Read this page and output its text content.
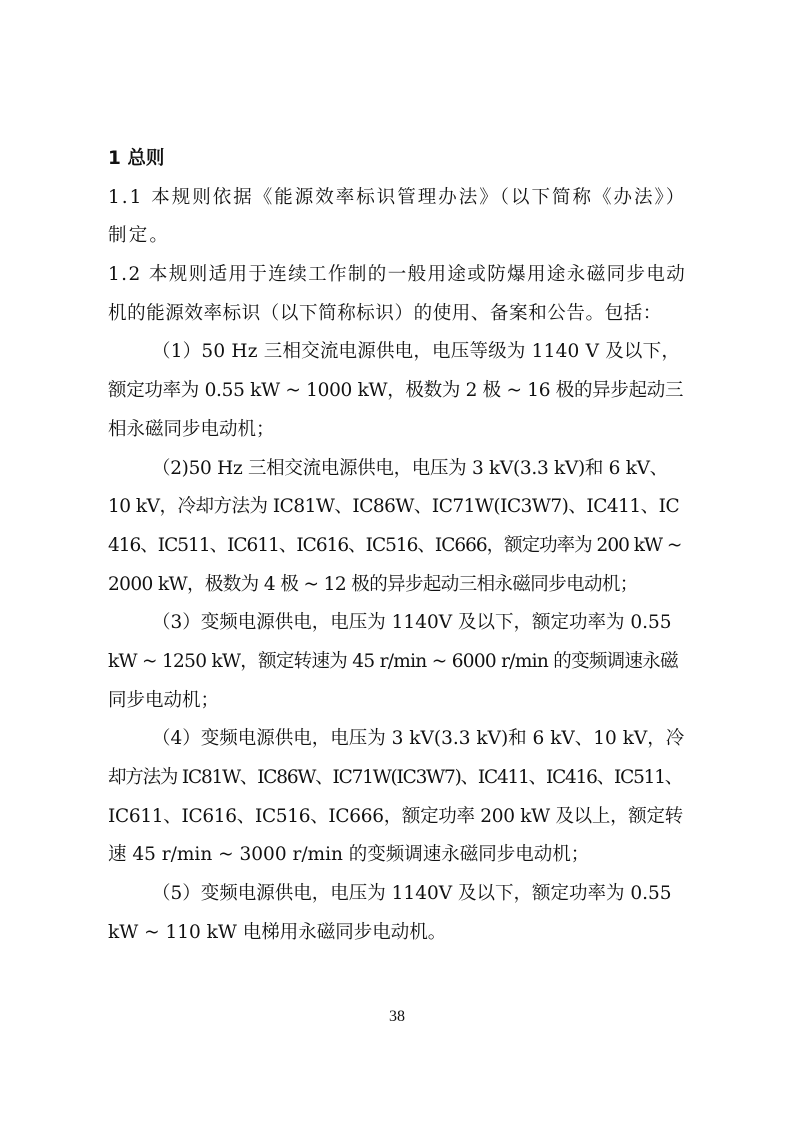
1 总则
1.1 本规则依据《能源效率标识管理办法》（以下简称《办法》）
制定。
1.2 本规则适用于连续工作制的一般用途或防爆用途永磁同步电动
机的能源效率标识（以下简称标识）的使用、备案和公告。包括：
（1）50 Hz 三相交流电源供电，电压等级为 1140 V 及以下，
额定功率为 0.55 kW ~ 1000 kW，极数为 2 极 ~ 16 极的异步起动三
相永磁同步电动机；
（2)50 Hz 三相交流电源供电，电压为 3 kV(3.3 kV)和 6 kV、
10 kV，冷却方法为 IC81W、IC86W、IC71W(IC3W7)、IC411、IC
416、IC511、IC611、IC616、IC516、IC666，额定功率为 200 kW ~
2000 kW，极数为 4 极 ~ 12 极的异步起动三相永磁同步电动机；
（3）变频电源供电，电压为 1140V 及以下，额定功率为 0.55
kW ~ 1250 kW，额定转速为 45 r/min ~ 6000 r/min 的变频调速永磁
同步电动机；
（4）变频电源供电，电压为 3 kV(3.3 kV)和 6 kV、10 kV，冷
却方法为 IC81W、IC86W、IC71W(IC3W7)、IC411、IC416、IC511、
IC611、IC616、IC516、IC666，额定功率 200 kW 及以上，额定转
速 45 r/min ~ 3000 r/min 的变频调速永磁同步电动机；
（5）变频电源供电，电压为 1140V 及以下，额定功率为 0.55
kW ~ 110 kW 电梯用永磁同步电动机。
38
